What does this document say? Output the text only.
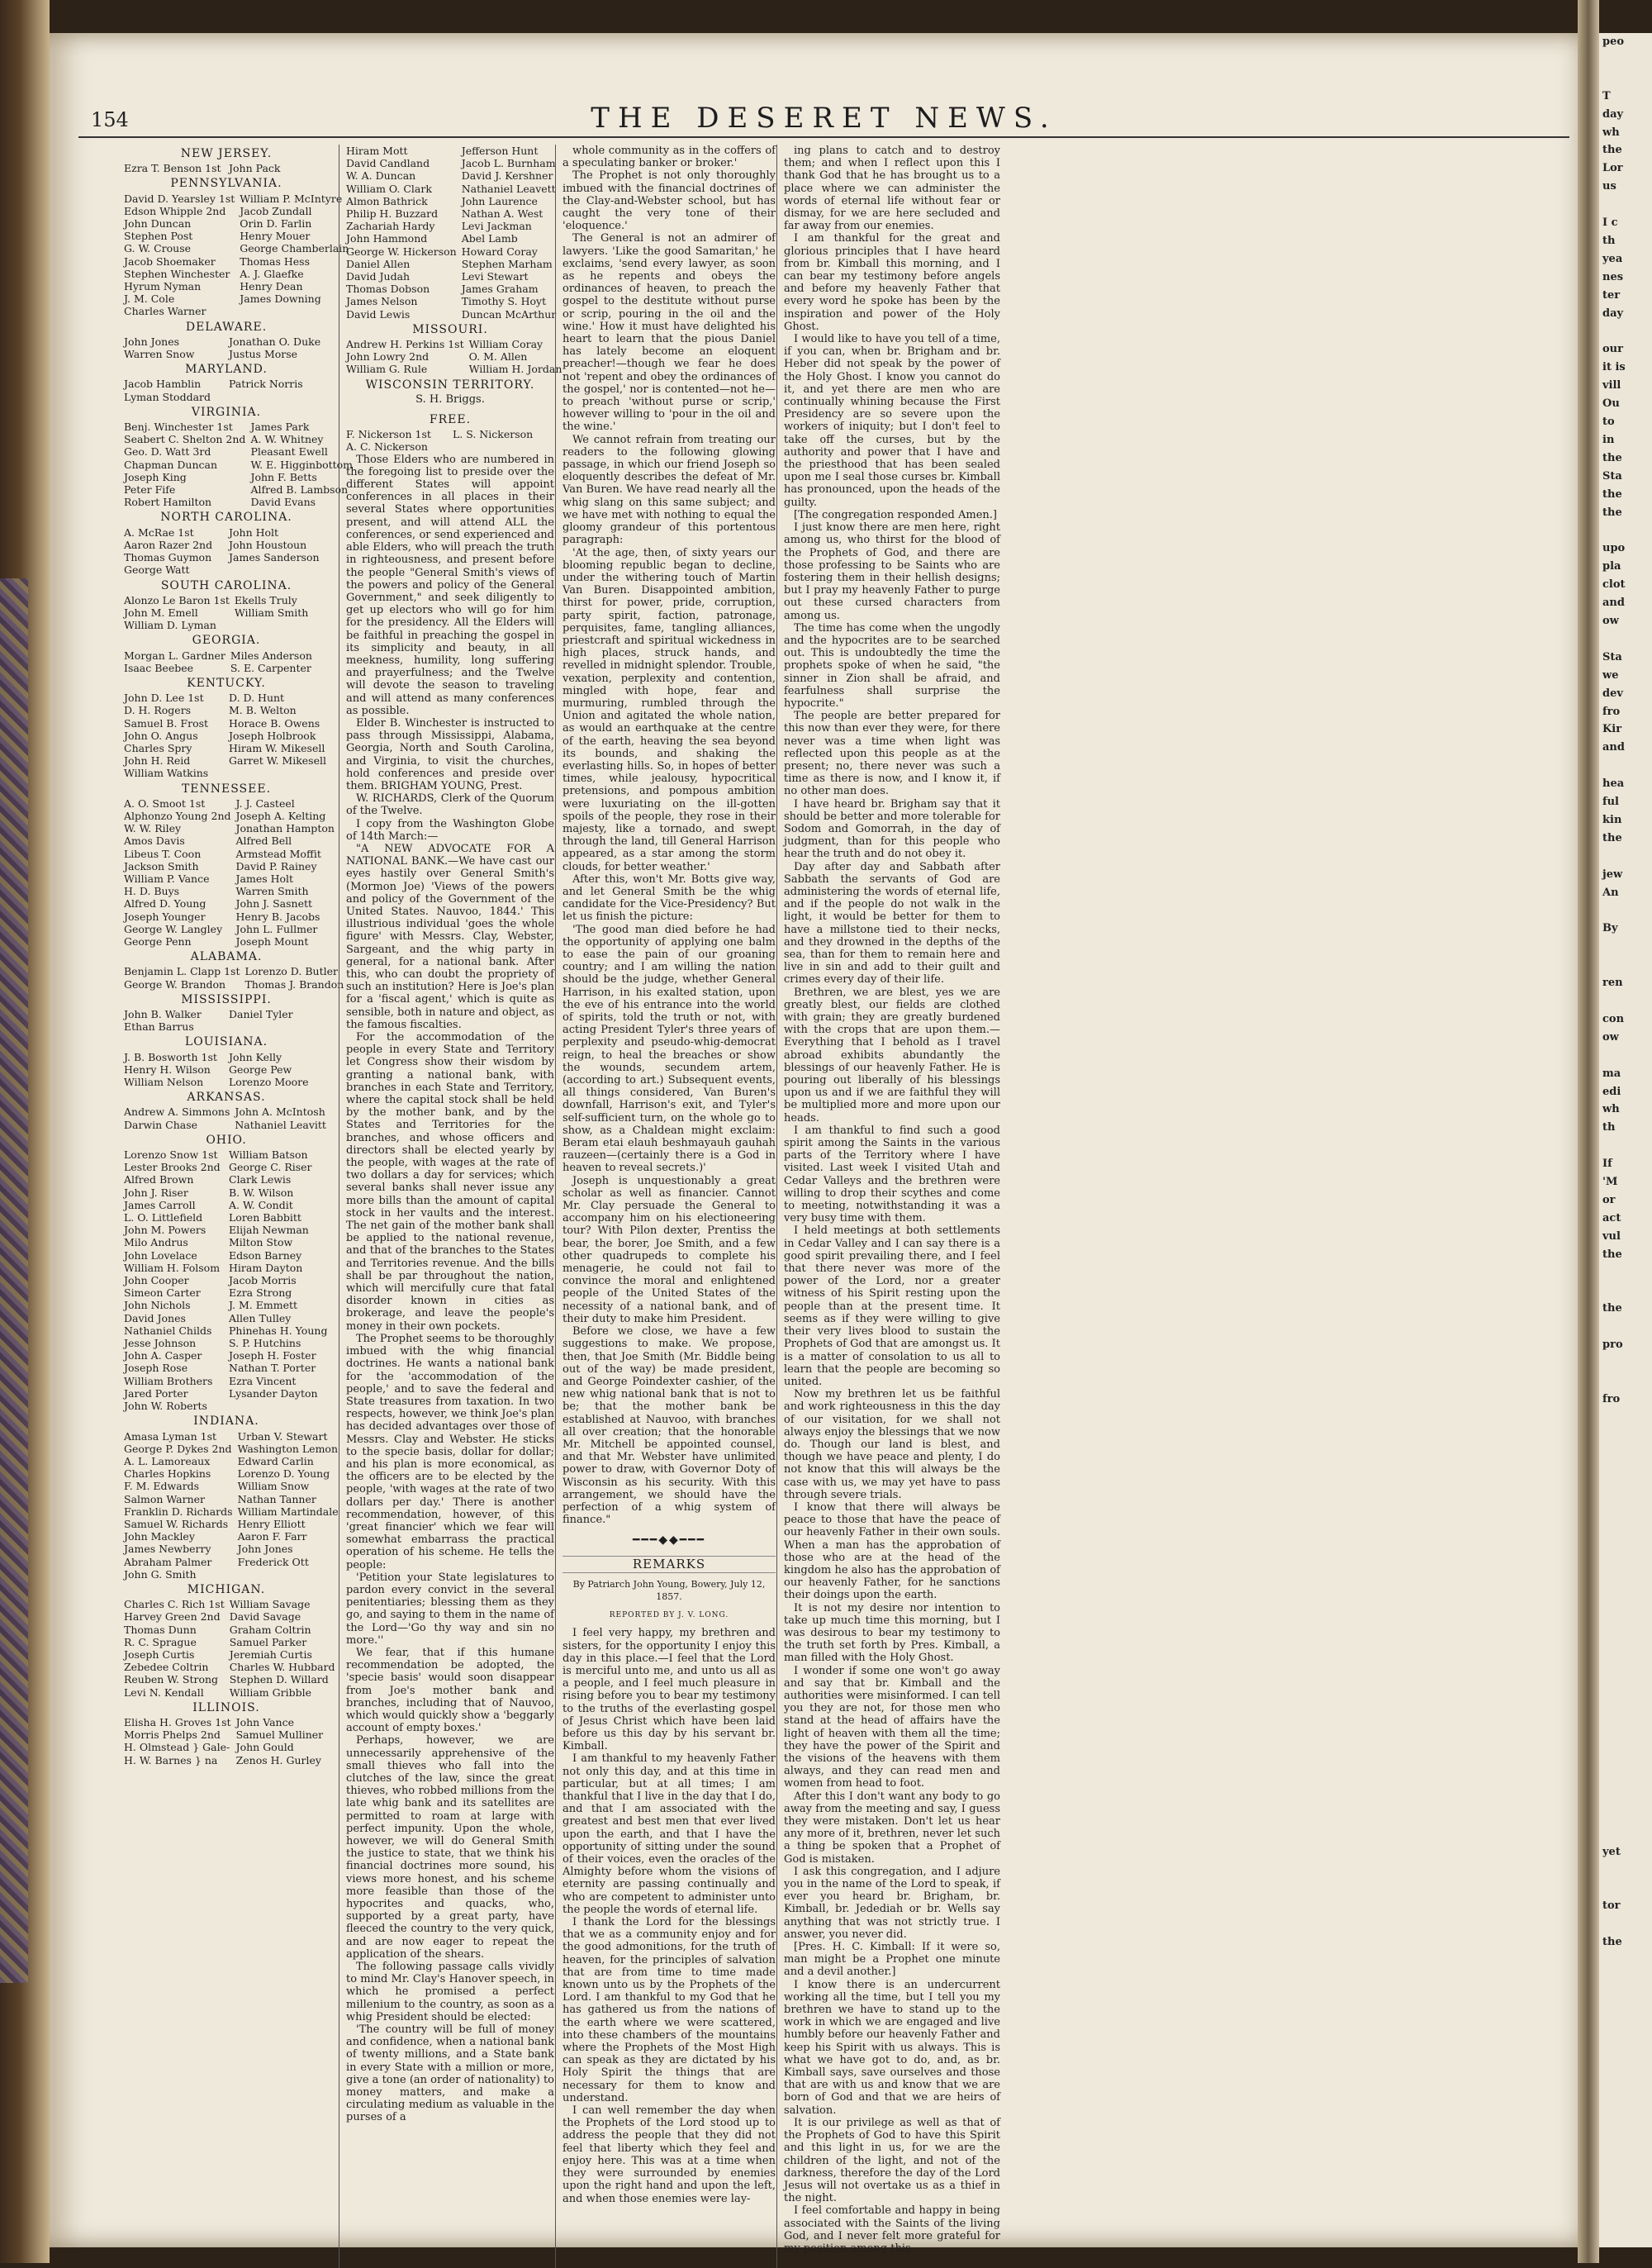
peo

T
day
wh
the
Lor
us

I c
th
yea
nes
ter
day

our
it is
vill
Ou
to
in
the
Sta
the
the

upo
pla
clot
and
ow

Sta
we
dev
fro
Kir
and

hea
ful
kin
the

jew
An

By

ren

con
ow

ma
edi
wh
th

If
'M
or
act
vul
the

the

pro

fro

yet

tor

the
154	THE DESERET NEWS.
NEW JERSEY.
Ezra T. Benson 1st John Pack
PENNSYLVANIA.
David D. Yearsley 1st William P. McIntyre
Edson Whipple 2nd	Jacob Zundall
John Duncan	Orin D. Farlin
Stephen Post	Henry Mouer
G. W. Crouse	George Chamberlain
Jacob Shoemaker	Thomas Hess
Stephen Winchester A. J. Glaefke
Hyrum Nyman	Henry Dean
J. M. Cole	James Downing
Charles Warner
DELAWARE.
John Jones	Jonathan O. Duke
Warren Snow	Justus Morse
MARYLAND.
Jacob Hamblin	Patrick Norris
Lyman Stoddard
VIRGINIA.
Benj. Winchester 1st	James Park
Seabert C. Shelton 2nd A. W. Whitney
Geo. D. Watt 3rd	Pleasant Ewell
Chapman Duncan	W. E. Higginbottom
Joseph King	John F. Betts
Peter Fife	Alfred B. Lambson
Robert Hamilton	David Evans
NORTH CAROLINA.
A. McRae 1st	John Holt
Aaron Razer 2nd	John Houstoun
Thomas Guymon	James Sanderson
George Watt
SOUTH CAROLINA.
Alonzo Le Baron 1st Ekells Truly
John M. Emell	William Smith
William D. Lyman
GEORGIA.
Morgan L. Gardner Miles Anderson
Isaac Beebee	S. E. Carpenter
KENTUCKY.
John D. Lee 1st	D. D. Hunt
D. H. Rogers	M. B. Welton
Samuel B. Frost	Horace B. Owens
John O. Angus	Joseph Holbrook
Charles Spry	Hiram W. Mikesell
John H. Reid	Garret W. Mikesell
William Watkins
TENNESSEE.
A. O. Smoot 1st	J. J. Casteel
Alphonzo Young 2nd Joseph A. Kelting
W. W. Riley	Jonathan Hampton
Amos Davis	Alfred Bell
Libeus T. Coon	Armstead Moffit
Jackson Smith	David P. Rainey
William P. Vance	James Holt
H. D. Buys	Warren Smith
Alfred D. Young	John J. Sasnett
Joseph Younger	Henry B. Jacobs
George W. Langley	John L. Fullmer
George Penn	Joseph Mount
ALABAMA.
Benjamin L. Clapp 1st Lorenzo D. Butler
George W. Brandon	Thomas J. Brandon
MISSISSIPPI.
John B. Walker	Daniel Tyler
Ethan Barrus
LOUISIANA.
J. B. Bosworth 1st	John Kelly
Henry H. Wilson	George Pew
William Nelson	Lorenzo Moore
ARKANSAS.
Andrew A. Simmons John A. McIntosh
Darwin Chase	Nathaniel Leavitt
OHIO.
Lorenzo Snow 1st	William Batson
Lester Brooks 2nd George C. Riser
Alfred Brown	Clark Lewis
John J. Riser	B. W. Wilson
James Carroll	A. W. Condit
L. O. Littlefield	Loren Babbitt
John M. Powers	Elijah Newman
Milo Andrus	Milton Stow
John Lovelace	Edson Barney
William H. Folsom Hiram Dayton
John Cooper	Jacob Morris
Simeon Carter	Ezra Strong
John Nichols	J. M. Emmett
David Jones	Allen Tulley
Nathaniel Childs	Phinehas H. Young
Jesse Johnson	S. P. Hutchins
John A. Casper	Joseph H. Foster
Joseph Rose	Nathan T. Porter
William Brothers	Ezra Vincent
Jared Porter	Lysander Dayton
John W. Roberts
INDIANA.
Amasa Lyman 1st	Urban V. Stewart
George P. Dykes 2nd Washington Lemon
A. L. Lamoreaux	Edward Carlin
Charles Hopkins	Lorenzo D. Young
F. M. Edwards	William Snow
Salmon Warner	Nathan Tanner
Franklin D. Richards William Martindale
Samuel W. Richards Henry Elliott
John Mackley	Aaron F. Farr
James Newberry	John Jones
Abraham Palmer	Frederick Ott
John G. Smith
MICHIGAN.
Charles C. Rich 1st William Savage
Harvey Green 2nd David Savage
Thomas Dunn	Graham Coltrin
R. C. Sprague	Samuel Parker
Joseph Curtis	Jeremiah Curtis
Zebedee Coltrin	Charles W. Hubbard
Reuben W. Strong	Stephen D. Willard
Levi N. Kendall	William Gribble
ILLINOIS.
Elisha H. Groves 1st John Vance
Morris Phelps 2nd	Samuel Mulliner
H. Olmstead } Gale- John Gould
H. W. Barnes } na	Zenos H. Gurley
Hiram Mott	Jefferson Hunt
David Candland	Jacob L. Burnham
W. A. Duncan	David J. Kershner
William O. Clark	Nathaniel Leavett
Almon Bathrick	John Laurence
Philip H. Buzzard	Nathan A. West
Zachariah Hardy	Levi Jackman
John Hammond	Abel Lamb
George W. Hickerson Howard Coray
Daniel Allen	Stephen Marham
David Judah	Levi Stewart
Thomas Dobson	James Graham
James Nelson	Timothy S. Hoyt
David Lewis	Duncan McArthur
MISSOURI.
Andrew H. Perkins 1st William Coray
John Lowry 2nd	O. M. Allen
William G. Rule	William H. Jordan
WISCONSIN TERRITORY.
S. H. Briggs.
FREE.
F. Nickerson 1st	L. S. Nickerson
A. C. Nickerson

Those Elders who are numbered in the foregoing list to preside over the different States will appoint conferences in all places in their several States where opportunities present, and will attend ALL the conferences, or send experienced and able Elders, who will preach the truth in righteousness, and present before the people "General Smith's views of the powers and policy of the General Government," and seek diligently to get up electors who will go for him for the presidency. All the Elders will be faithful in preaching the gospel in its simplicity and beauty, in all meekness, humility, long suffering and prayerfulness; and the Twelve will devote the season to traveling and will attend as many conferences as possible.

Elder B. Winchester is instructed to pass through Mississippi, Alabama, Georgia, North and South Carolina, and Virginia, to visit the churches, hold conferences and preside over them. BRIGHAM YOUNG, Prest.

W. RICHARDS, Clerk of the Quorum of the Twelve.

I copy from the Washington Globe of 14th March:—

"A NEW ADVOCATE FOR A NATIONAL BANK.—We have cast our eyes hastily over General Smith's (Mormon Joe) 'Views of the powers and policy of the Government of the United States. Nauvoo, 1844.' This illustrious individual 'goes the whole figure' with Messrs. Clay, Webster, Sargeant, and the whig party in general, for a national bank. After this, who can doubt the propriety of such an institution? Here is Joe's plan for a 'fiscal agent,' which is quite as sensible, both in nature and object, as the famous fiscalties.

For the accommodation of the people in every State and Territory let Congress show their wisdom by granting a national bank, with branches in each State and Territory, where the capital stock shall be held by the mother bank, and by the States and Territories for the branches, and whose officers and directors shall be elected yearly by the people, with wages at the rate of two dollars a day for services; which several banks shall never issue any more bills than the amount of capital stock in her vaults and the interest. The net gain of the mother bank shall be applied to the national revenue, and that of the branches to the States and Territories revenue. And the bills shall be par throughout the nation, which will mercifully cure that fatal disorder known in cities as brokerage, and leave the people's money in their own pockets.

The Prophet seems to be thoroughly imbued with the whig financial doctrines. He wants a national bank for the 'accommodation of the people,' and to save the federal and State treasures from taxation. In two respects, however, we think Joe's plan has decided advantages over those of Messrs. Clay and Webster. He sticks to the specie basis, dollar for dollar; and his plan is more economical, as the officers are to be elected by the people, 'with wages at the rate of two dollars per day.' There is another recommendation, however, of this 'great financier' which we fear will somewhat embarrass the practical operation of his scheme. He tells the people:

'Petition your State legislatures to pardon every convict in the several penitentiaries; blessing them as they go, and saying to them in the name of the Lord—'Go thy way and sin no more.''

We fear, that if this humane recommendation be adopted, the 'specie basis' would soon disappear from Joe's mother bank and branches, including that of Nauvoo, which would quickly show a 'beggarly account of empty boxes.'

Perhaps, however, we are unnecessarily apprehensive of the small thieves who fall into the clutches of the law, since the great thieves, who robbed millions from the late whig bank and its satellites are permitted to roam at large with perfect impunity. Upon the whole, however, we will do General Smith the justice to state, that we think his financial doctrines more sound, his views more honest, and his scheme more feasible than those of the hypocrites and quacks, who, supported by a great party, have fleeced the country to the very quick, and are now eager to repeat the application of the shears.

The following passage calls vividly to mind Mr. Clay's Hanover speech, in which he promised a perfect millenium to the country, as soon as a whig President should be elected:

'The country will be full of money and confidence, when a national bank of twenty millions, and a State bank in every State with a million or more, give a tone (an order of nationality) to money matters, and make a circulating medium as valuable in the purses of a

whole community as in the coffers of a speculating banker or broker.'

The Prophet is not only thoroughly imbued with the financial doctrines of the Clay-and-Webster school, but has caught the very tone of their 'eloquence.'

The General is not an admirer of lawyers. 'Like the good Samaritan,' he exclaims, 'send every lawyer, as soon as he repents and obeys the ordinances of heaven, to preach the gospel to the destitute without purse or scrip, pouring in the oil and the wine.' How it must have delighted his heart to learn that the pious Daniel has lately become an eloquent preacher!—though we fear he does not 'repent and obey the ordinances of the gospel,' nor is contented—not he—to preach 'without purse or scrip,' however willing to 'pour in the oil and the wine.'

We cannot refrain from treating our readers to the following glowing passage, in which our friend Joseph so eloquently describes the defeat of Mr. Van Buren. We have read nearly all the whig slang on this same subject; and we have met with nothing to equal the gloomy grandeur of this portentous paragraph:

'At the age, then, of sixty years our blooming republic began to decline, under the withering touch of Martin Van Buren. Disappointed ambition, thirst for power, pride, corruption, party spirit, faction, patronage, perquisites, fame, tangling alliances, priestcraft and spiritual wickedness in high places, struck hands, and revelled in midnight splendor. Trouble, vexation, perplexity and contention, mingled with hope, fear and murmuring, rumbled through the Union and agitated the whole nation, as would an earthquake at the centre of the earth, heaving the sea beyond its bounds, and shaking the everlasting hills. So, in hopes of better times, while jealousy, hypocritical pretensions, and pompous ambition were luxuriating on the ill-gotten spoils of the people, they rose in their majesty, like a tornado, and swept through the land, till General Harrison appeared, as a star among the storm clouds, for better weather.'

After this, won't Mr. Botts give way, and let General Smith be the whig candidate for the Vice-Presidency? But let us finish the picture:

'The good man died before he had the opportunity of applying one balm to ease the pain of our groaning country; and I am willing the nation should be the judge, whether General Harrison, in his exalted station, upon the eve of his entrance into the world of spirits, told the truth or not, with acting President Tyler's three years of perplexity and pseudo-whig-democrat reign, to heal the breaches or show the wounds, secundem artem, (according to art.) Subsequent events, all things considered, Van Buren's downfall, Harrison's exit, and Tyler's self-sufficient turn, on the whole go to show, as a Chaldean might exclaim: Beram etai elauh beshmayauh gauhah rauzeen—(certainly there is a God in heaven to reveal secrets.)'

Joseph is unquestionably a great scholar as well as financier. Cannot Mr. Clay persuade the General to accompany him on his electioneering tour? With Pilon dexter, Prentiss the bear, the borer, Joe Smith, and a few other quadrupeds to complete his menagerie, he could not fail to convince the moral and enlightened people of the United States of the necessity of a national bank, and of their duty to make him President.

Before we close, we have a few suggestions to make. We propose, then, that Joe Smith (Mr. Biddle being out of the way) be made president, and George Poindexter cashier, of the new whig national bank that is not to be; that the mother bank be established at Nauvoo, with branches all over creation; that the honorable Mr. Mitchell be appointed counsel, and that Mr. Webster have unlimited power to draw, with Governor Doty of Wisconsin as his security. With this arrangement, we should have the perfection of a whig system of finance."

━━━◆◆━━━
REMARKS
By Patriarch John Young, Bowery, July 12, 1857.
REPORTED BY J. V. LONG.

I feel very happy, my brethren and sisters, for the opportunity I enjoy this day in this place.—I feel that the Lord is merciful unto me, and unto us all as a people, and I feel much pleasure in rising before you to bear my testimony to the truths of the everlasting gospel of Jesus Christ which have been laid before us this day by his servant br. Kimball.

I am thankful to my heavenly Father not only this day, and at this time in particular, but at all times; I am thankful that I live in the day that I do, and that I am associated with the greatest and best men that ever lived upon the earth, and that I have the opportunity of sitting under the sound of their voices, even the oracles of the Almighty before whom the visions of eternity are passing continually and who are competent to administer unto the people the words of eternal life.

I thank the Lord for the blessings that we as a community enjoy and for the good admonitions, for the truth of heaven, for the principles of salvation that are from time to time made known unto us by the Prophets of the Lord. I am thankful to my God that he has gathered us from the nations of the earth where we were scattered, into these chambers of the mountains where the Prophets of the Most High can speak as they are dictated by his Holy Spirit the things that are necessary for them to know and understand.

I can well remember the day when the Prophets of the Lord stood up to address the people that they did not feel that liberty which they feel and enjoy here. This was at a time when they were surrounded by enemies upon the right hand and upon the left, and when those enemies were lay-

ing plans to catch and to destroy them; and when I reflect upon this I thank God that he has brought us to a place where we can administer the words of eternal life without fear or dismay, for we are here secluded and far away from our enemies.

I am thankful for the great and glorious principles that I have heard from br. Kimball this morning, and I can bear my testimony before angels and before my heavenly Father that every word he spoke has been by the inspiration and power of the Holy Ghost.

I would like to have you tell of a time, if you can, when br. Brigham and br. Heber did not speak by the power of the Holy Ghost. I know you cannot do it, and yet there are men who are continually whining because the First Presidency are so severe upon the workers of iniquity; but I don't feel to take off the curses, but by the authority and power that I have and the priesthood that has been sealed upon me I seal those curses br. Kimball has pronounced, upon the heads of the guilty.

[The congregation responded Amen.]

I just know there are men here, right among us, who thirst for the blood of the Prophets of God, and there are those professing to be Saints who are fostering them in their hellish designs; but I pray my heavenly Father to purge out these cursed characters from among us.

The time has come when the ungodly and the hypocrites are to be searched out. This is undoubtedly the time the prophets spoke of when he said, "the sinner in Zion shall be afraid, and fearfulness shall surprise the hypocrite."

The people are better prepared for this now than ever they were, for there never was a time when light was reflected upon this people as at the present; no, there never was such a time as there is now, and I know it, if no other man does.

I have heard br. Brigham say that it should be better and more tolerable for Sodom and Gomorrah, in the day of judgment, than for this people who hear the truth and do not obey it.

Day after day and Sabbath after Sabbath the servants of God are administering the words of eternal life, and if the people do not walk in the light, it would be better for them to have a millstone tied to their necks, and they drowned in the depths of the sea, than for them to remain here and live in sin and add to their guilt and crimes every day of their life.

Brethren, we are blest, yes we are greatly blest, our fields are clothed with grain; they are greatly burdened with the crops that are upon them.—Everything that I behold as I travel abroad exhibits abundantly the blessings of our heavenly Father. He is pouring out liberally of his blessings upon us and if we are faithful they will be multiplied more and more upon our heads.

I am thankful to find such a good spirit among the Saints in the various parts of the Territory where I have visited. Last week I visited Utah and Cedar Valleys and the brethren were willing to drop their scythes and come to meeting, notwithstanding it was a very busy time with them.

I held meetings at both settlements in Cedar Valley and I can say there is a good spirit prevailing there, and I feel that there never was more of the power of the Lord, nor a greater witness of his Spirit resting upon the people than at the present time. It seems as if they were willing to give their very lives blood to sustain the Prophets of God that are amongst us. It is a matter of consolation to us all to learn that the people are becoming so united.

Now my brethren let us be faithful and work righteousness in this the day of our visitation, for we shall not always enjoy the blessings that we now do. Though our land is blest, and though we have peace and plenty, I do not know that this will always be the case with us, we may yet have to pass through severe trials.

I know that there will always be peace to those that have the peace of our heavenly Father in their own souls. When a man has the approbation of those who are at the head of the kingdom he also has the approbation of our heavenly Father, for he sanctions their doings upon the earth.

It is not my desire nor intention to take up much time this morning, but I was desirous to bear my testimony to the truth set forth by Pres. Kimball, a man filled with the Holy Ghost.

I wonder if some one won't go away and say that br. Kimball and the authorities were misinformed. I can tell you they are not, for those men who stand at the head of affairs have the light of heaven with them all the time; they have the power of the Spirit and the visions of the heavens with them always, and they can read men and women from head to foot.

After this I don't want any body to go away from the meeting and say, I guess they were mistaken. Don't let us hear any more of it, brethren, never let such a thing be spoken that a Prophet of God is mistaken.

I ask this congregation, and I adjure you in the name of the Lord to speak, if ever you heard br. Brigham, br. Kimball, br. Jedediah or br. Wells say anything that was not strictly true. I answer, you never did.

[Pres. H. C. Kimball: If it were so, man might be a Prophet one minute and a devil another.]

I know there is an undercurrent working all the time, but I tell you my brethren we have to stand up to the work in which we are engaged and live humbly before our heavenly Father and keep his Spirit with us always. This is what we have got to do, and, as br. Kimball says, save ourselves and those that are with us and know that we are born of God and that we are heirs of salvation.

It is our privilege as well as that of the Prophets of God to have this Spirit and this light in us, for we are the children of the light, and not of the darkness, therefore the day of the Lord Jesus will not overtake us as a thief in the night.

I feel comfortable and happy in being associated with the Saints of the living God, and I never felt more grateful for my position among this
